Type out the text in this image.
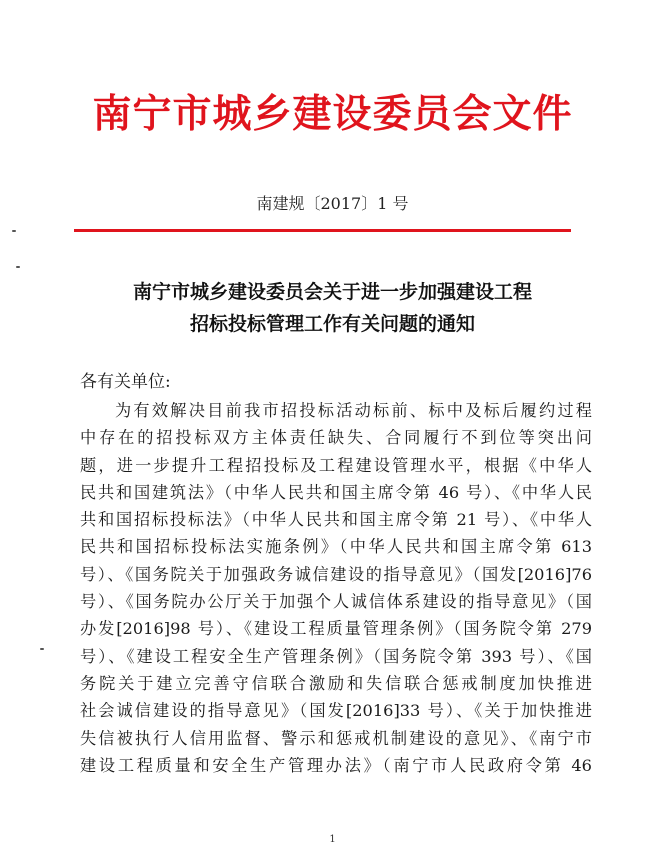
南宁市城乡建设委员会文件
南建规〔2017〕1 号
南宁市城乡建设委员会关于进一步加强建设工程
招标投标管理工作有关问题的通知
各有关单位:
为有效解决目前我市招投标活动标前、标中及标后履约过程
中存在的招投标双方主体责任缺失、合同履行不到位等突出问
题，进一步提升工程招投标及工程建设管理水平，根据《中华人
民共和国建筑法》（中华人民共和国主席令第 46 号）、《中华人民
共和国招标投标法》（中华人民共和国主席令第 21 号）、《中华人
民共和国招标投标法实施条例》（中华人民共和国主席令第 613
号）、《国务院关于加强政务诚信建设的指导意见》（国发[2016]76
号）、《国务院办公厅关于加强个人诚信体系建设的指导意见》（国
办发[2016]98 号）、《建设工程质量管理条例》（国务院令第 279
号）、《建设工程安全生产管理条例》（国务院令第 393 号）、《国
务院关于建立完善守信联合激励和失信联合惩戒制度加快推进
社会诚信建设的指导意见》（国发[2016]33 号）、《关于加快推进
失信被执行人信用监督、警示和惩戒机制建设的意见》、《南宁市
建设工程质量和安全生产管理办法》（南宁市人民政府令第 46
1
